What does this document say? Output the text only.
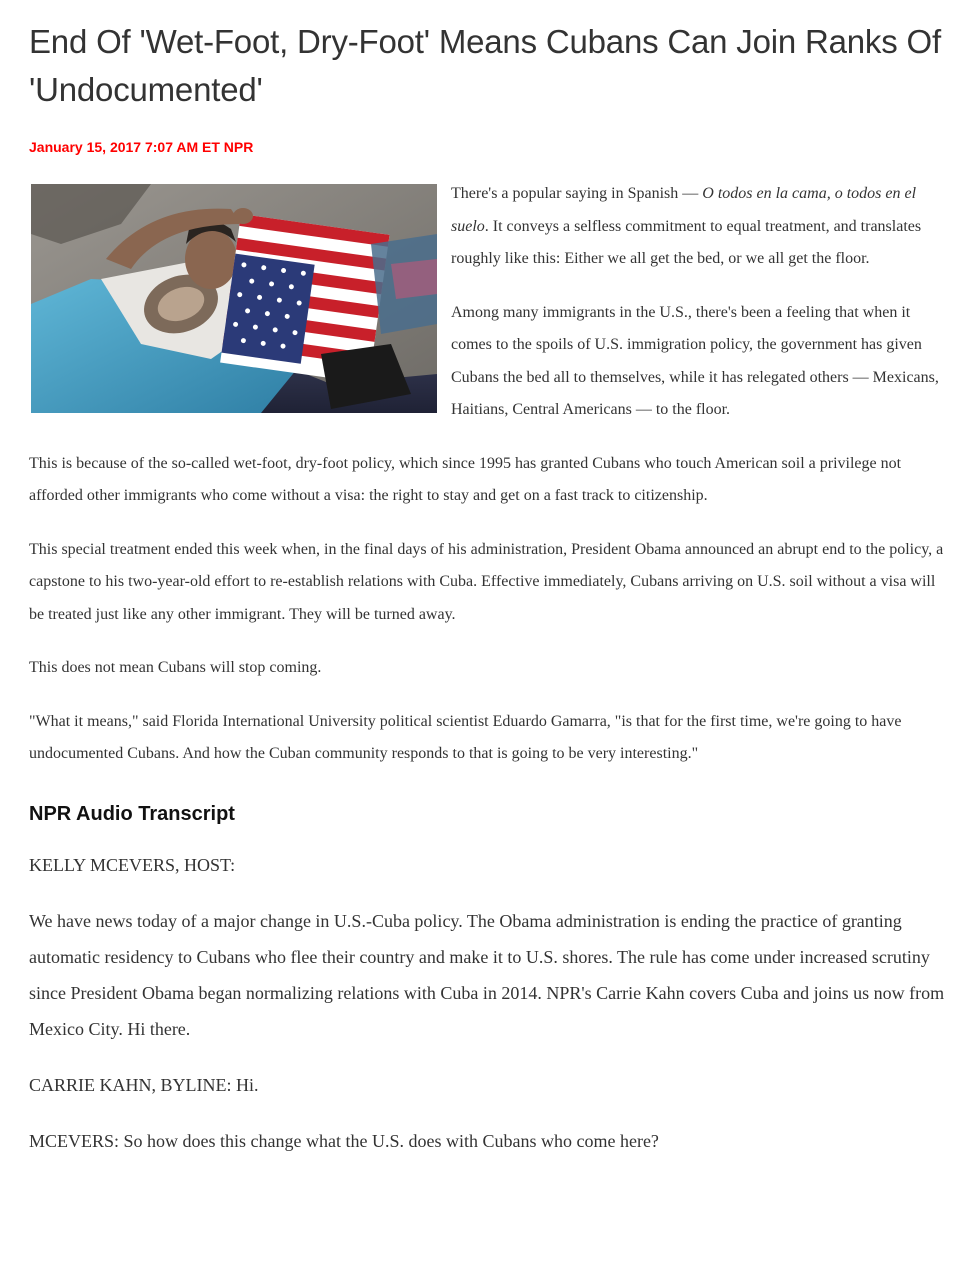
End Of 'Wet-Foot, Dry-Foot' Means Cubans Can Join Ranks Of 'Undocumented'
January 15, 2017 7:07 AM ET NPR

There's a popular saying in Spanish — O todos en la cama, o todos en el suelo. It conveys a selfless commitment to equal treatment, and translates roughly like this: Either we all get the bed, or we all get the floor.

Among many immigrants in the U.S., there's been a feeling that when it comes to the spoils of U.S. immigration policy, the government has given Cubans the bed all to themselves, while it has relegated others — Mexicans, Haitians, Central Americans — to the floor.

This is because of the so-called wet-foot, dry-foot policy, which since 1995 has granted Cubans who touch American soil a privilege not afforded other immigrants who come without a visa: the right to stay and get on a fast track to citizenship.

This special treatment ended this week when, in the final days of his administration, President Obama announced an abrupt end to the policy, a capstone to his two-year-old effort to re-establish relations with Cuba. Effective immediately, Cubans arriving on U.S. soil without a visa will be treated just like any other immigrant. They will be turned away.

This does not mean Cubans will stop coming.

"What it means," said Florida International University political scientist Eduardo Gamarra, "is that for the first time, we're going to have undocumented Cubans. And how the Cuban community responds to that is going to be very interesting."

NPR Audio Transcript

KELLY MCEVERS, HOST:

We have news today of a major change in U.S.-Cuba policy. The Obama administration is ending the practice of granting automatic residency to Cubans who flee their country and make it to U.S. shores. The rule has come under increased scrutiny since President Obama began normalizing relations with Cuba in 2014. NPR's Carrie Kahn covers Cuba and joins us now from Mexico City. Hi there.

CARRIE KAHN, BYLINE: Hi.

MCEVERS: So how does this change what the U.S. does with Cubans who come here?
